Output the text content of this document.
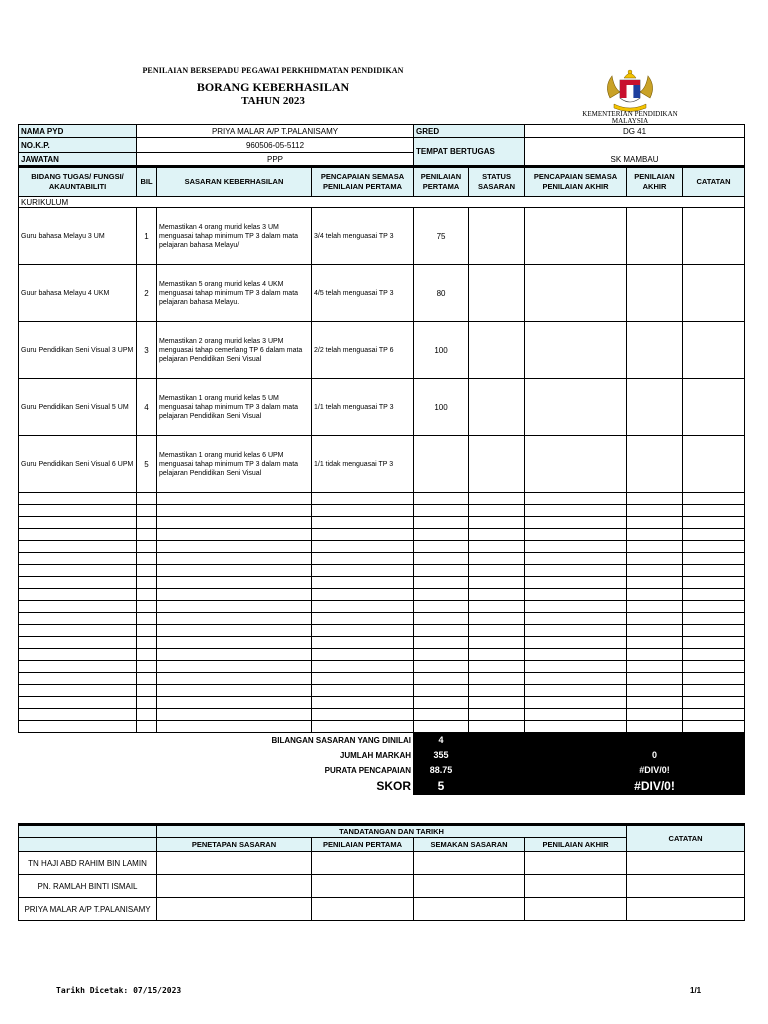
PENILAIAN BERSEPADU PEGAWAI PERKHIDMATAN PENDIDIKAN
BORANG KEBERHASILAN
TAHUN 2023
KEMENTERIAN PENDIDIKAN MALAYSIA
NAMA PYD	PRIYA MALAR A/P T.PALANISAMY			GRED		DG 41		
NO.K.P.	960506-05-5112			TEMPAT BERTUGAS		SK MAMBAU		
JAWATAN	PPP							
BIDANG TUGAS/ FUNGSI/ AKAUNTABILITI	BIL	SASARAN KEBERHASILAN	PENCAPAIAN SEMASA PENILAIAN PERTAMA	PENILAIAN PERTAMA	STATUS SASARAN	PENCAPAIAN SEMASA PENILAIAN AKHIR	PENILAIAN AKHIR	CATATAN
KURIKULUM								
Guru bahasa Melayu 3 UM	1	Memastikan 4 orang murid kelas 3 UM menguasai tahap minimum TP 3 dalam mata pelajaran bahasa Melayu/	3/4 telah menguasai TP 3	75				
Guur bahasa Melayu 4 UKM	2	Memastikan 5 orang murid kelas 4 UKM menguasai tahap minimum TP 3 dalam mata pelajaran bahasa Melayu.	4/5 telah menguasai TP 3	80				
Guru Pendidikan Seni Visual 3 UPM	3	Memastikan 2 orang murid kelas 3 UPM menguasai tahap cemerlang TP 6 dalam mata pelajaran Pendidikan Seni Visual	2/2 telah menguasai TP 6	100				
Guru Pendidikan Seni Visual 5 UM	4	Memastikan 1 orang murid kelas 5 UM menguasai tahap minimum TP 3 dalam mata pelajaran Pendidikan Seni Visual	1/1 telah menguasai TP 3	100				
Guru Pendidikan Seni Visual 6 UPM	5	Memastikan 1 orang murid kelas 6 UPM menguasai tahap minimum TP 3 dalam mata pelajaran Pendidikan Seni Visual	1/1 tidak menguasai TP 3					

BILANGAN SASARAN YANG DINILAI				4				
JUMLAH MARKAH				355			0	
PURATA PENCAPAIAN				88.75			#DIV/0!	
SKOR				5			#DIV/0!	
	TANDATANGAN DAN TARIKH				CATATAN
	PENETAPAN SASARAN	PENILAIAN PERTAMA	SEMAKAN SASARAN	PENILAIAN AKHIR	
TN HAJI ABD RAHIM BIN LAMIN					
PN. RAMLAH BINTI ISMAIL					
PRIYA MALAR A/P T.PALANISAMY					
Tarikh Dicetak: 07/15/2023	1/1
